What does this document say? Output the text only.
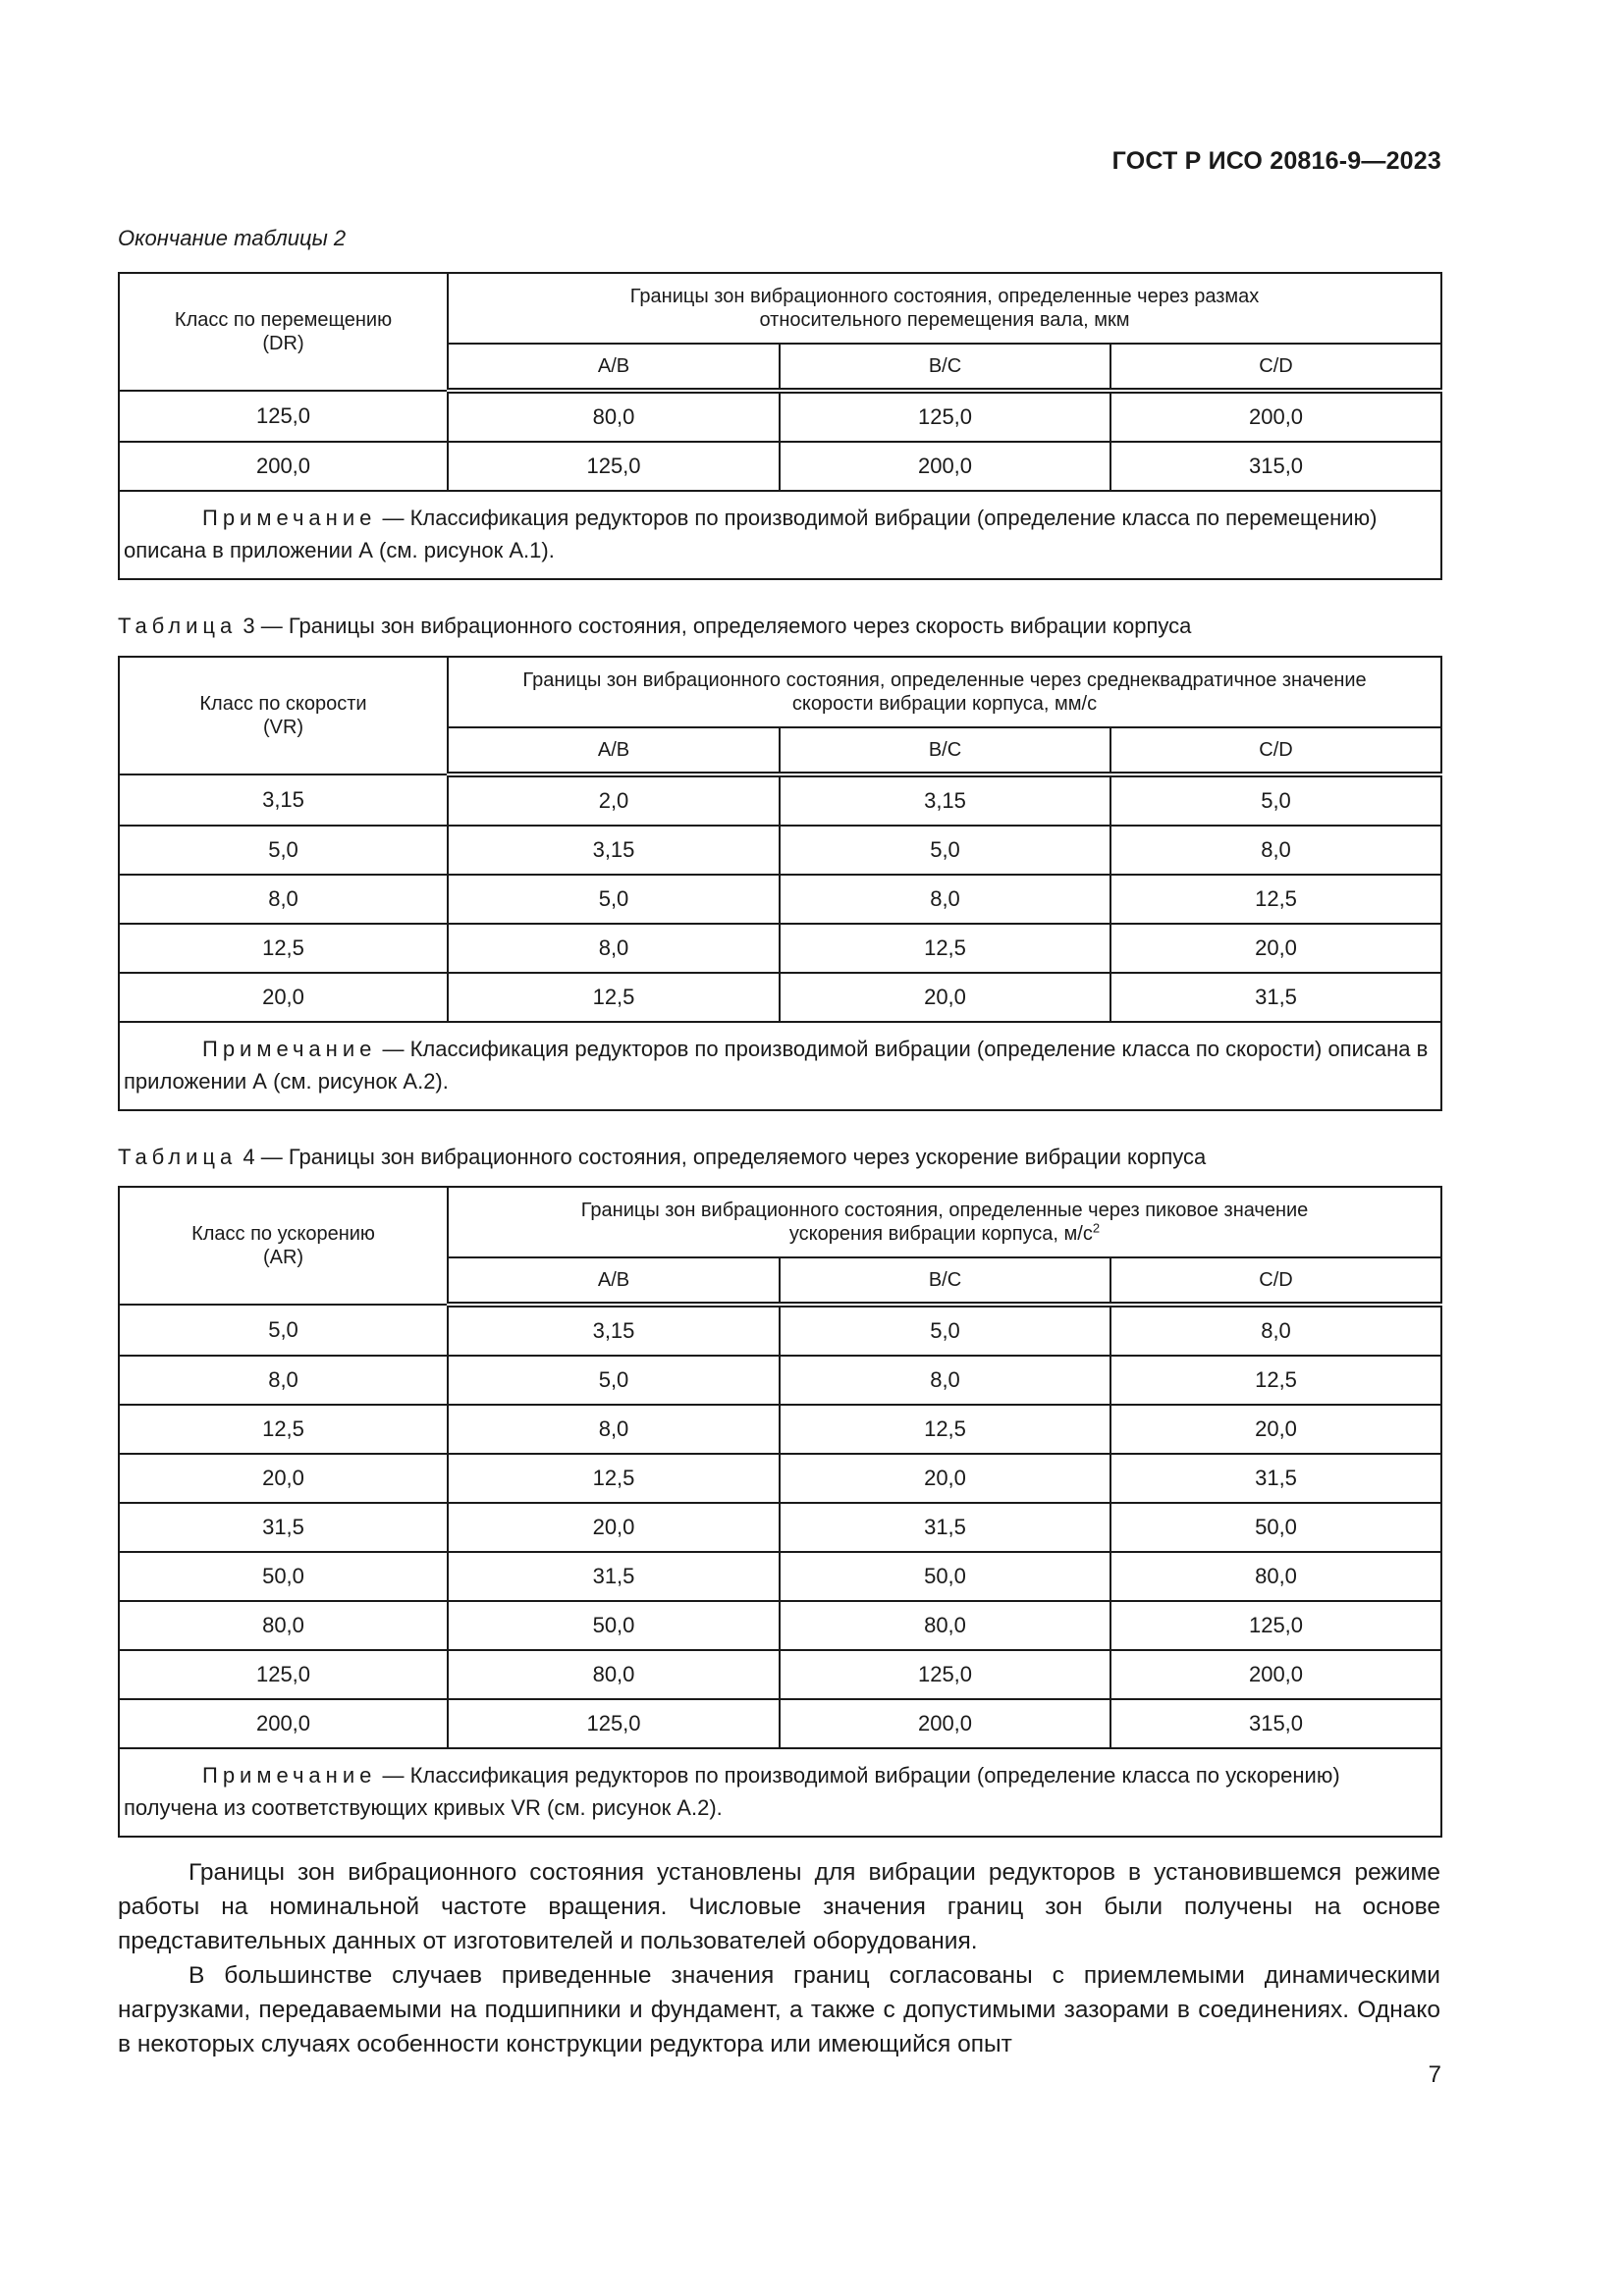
ГОСТ Р ИСО 20816-9—2023
Окончание таблицы 2
Класс по перемещению
(DR)	Границы зон вибрационного состояния, определенные через размах
относительного перемещения вала, мкм		
	A/B	B/C	C/D
125,0	80,0	125,0	200,0
200,0	125,0	200,0	315,0
Примечание — Классификация редукторов по производимой вибрации (определение класса по перемещению) описана в приложении А (см. рисунок А.1).			
Таблица 3 — Границы зон вибрационного состояния, определяемого через скорость вибрации корпуса
Класс по скорости
(VR)	Границы зон вибрационного состояния, определенные через среднеквадратичное значение
скорости вибрации корпуса, мм/с		
	A/B	B/C	C/D
3,15	2,0	3,15	5,0
5,0	3,15	5,0	8,0
8,0	5,0	8,0	12,5
12,5	8,0	12,5	20,0
20,0	12,5	20,0	31,5
Примечание — Классификация редукторов по производимой вибрации (определение класса по скорости) описана в приложении А (см. рисунок А.2).			
Таблица 4 — Границы зон вибрационного состояния, определяемого через ускорение вибрации корпуса
Класс по ускорению
(AR)	Границы зон вибрационного состояния, определенные через пиковое значение
ускорения вибрации корпуса, $м/с^2$
	A/B	B/C	C/D
5,0	3,15	5,0	8,0
8,0	5,0	8,0	12,5
12,5	8,0	12,5	20,0
20,0	12,5	20,0	31,5
31,5	20,0	31,5	50,0
50,0	31,5	50,0	80,0
80,0	50,0	80,0	125,0
125,0	80,0	125,0	200,0
200,0	125,0	200,0	315,0
Примечание — Классификация редукторов по производимой вибрации (определение класса по ускорению) получена из соответствующих кривых VR (см. рисунок А.2).			

Границы зон вибрационного состояния установлены для вибрации редукторов в установившемся режиме работы на номинальной частоте вращения. Числовые значения границ зон были получены на основе представительных данных от изготовителей и пользователей оборудования.

В большинстве случаев приведенные значения границ согласованы с приемлемыми динамическими нагрузками, передаваемыми на подшипники и фундамент, а также с допустимыми зазорами в соединениях. Однако в некоторых случаях особенности конструкции редуктора или имеющийся опыт

7
